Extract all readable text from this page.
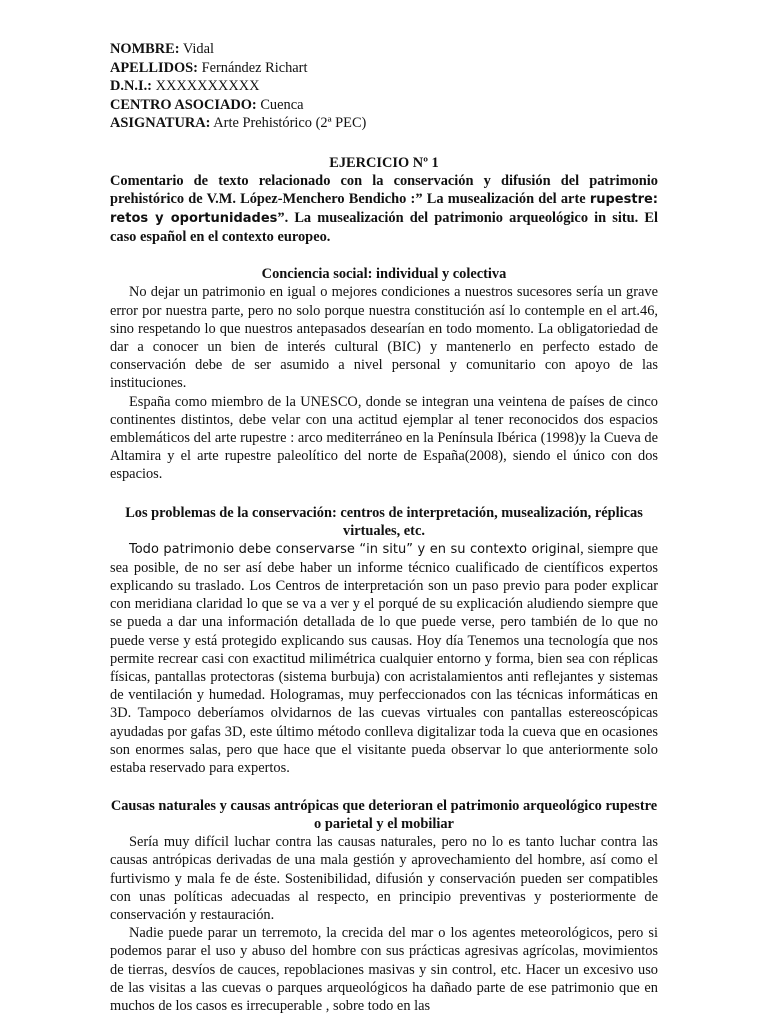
NOMBRE: Vidal
APELLIDOS: Fernández Richart
D.N.I.: XXXXXXXXXX
CENTRO ASOCIADO: Cuenca
ASIGNATURA: Arte Prehistórico (2ª PEC)
EJERCICIO Nº 1

Comentario de texto relacionado con la conservación y difusión del patrimonio prehistórico de V.M. López-Menchero Bendicho :” La musealización del arte rupestre: retos y oportunidades”. La musealización del patrimonio arqueológico in situ. El caso español en el contexto europeo.

Conciencia social: individual y colectiva

No dejar un patrimonio en igual o mejores condiciones a nuestros sucesores sería un grave error por nuestra parte, pero no solo porque nuestra constitución así lo contemple en el art.46, sino respetando lo que nuestros antepasados desearían en todo momento. La obligatoriedad de dar a conocer un bien de interés cultural (BIC) y mantenerlo en perfecto estado de conservación debe de ser asumido a nivel personal y comunitario con apoyo de las instituciones.

España como miembro de la UNESCO, donde se integran una veintena de países de cinco continentes distintos, debe velar con una actitud ejemplar al tener reconocidos dos espacios emblemáticos del arte rupestre : arco mediterráneo en la Península Ibérica (1998)y la Cueva de Altamira y el arte rupestre paleolítico del norte de España(2008), siendo el único con dos espacios.

Los problemas de la conservación: centros de interpretación, musealización, réplicas virtuales, etc.

Todo patrimonio debe conservarse “in situ” y en su contexto original, siempre que sea posible, de no ser así debe haber un informe técnico cualificado de científicos expertos explicando su traslado. Los Centros de interpretación son un paso previo para poder explicar con meridiana claridad lo que se va a ver y el porqué de su explicación aludiendo siempre que se pueda a dar una información detallada de lo que puede verse, pero también de lo que no puede verse y está protegido explicando sus causas. Hoy día Tenemos una tecnología que nos permite recrear casi con exactitud milimétrica cualquier entorno y forma, bien sea con réplicas físicas, pantallas protectoras (sistema burbuja) con acristalamientos anti reflejantes y sistemas de ventilación y humedad. Hologramas, muy perfeccionados con las técnicas informáticas en 3D. Tampoco deberíamos olvidarnos de las cuevas virtuales con pantallas estereoscópicas ayudadas por gafas 3D, este último método conlleva digitalizar toda la cueva que en ocasiones son enormes salas, pero que hace que el visitante pueda observar lo que anteriormente solo estaba reservado para expertos.

Causas naturales y causas antrópicas que deterioran el patrimonio arqueológico rupestre o parietal y el mobiliar

Sería muy difícil luchar contra las causas naturales, pero no lo es tanto luchar contra las causas antrópicas derivadas de una mala gestión y aprovechamiento del hombre, así como el furtivismo y mala fe de éste. Sostenibilidad, difusión y conservación pueden ser compatibles con unas políticas adecuadas al respecto, en principio preventivas y posteriormente de conservación y restauración.

Nadie puede parar un terremoto, la crecida del mar o los agentes meteorológicos, pero si podemos parar el uso y abuso del hombre con sus prácticas agresivas agrícolas, movimientos de tierras, desvíos de cauces, repoblaciones masivas y sin control, etc. Hacer un excesivo uso de las visitas a las cuevas o parques arqueológicos ha dañado parte de ese patrimonio que en muchos de los casos es irrecuperable , sobre todo en las
